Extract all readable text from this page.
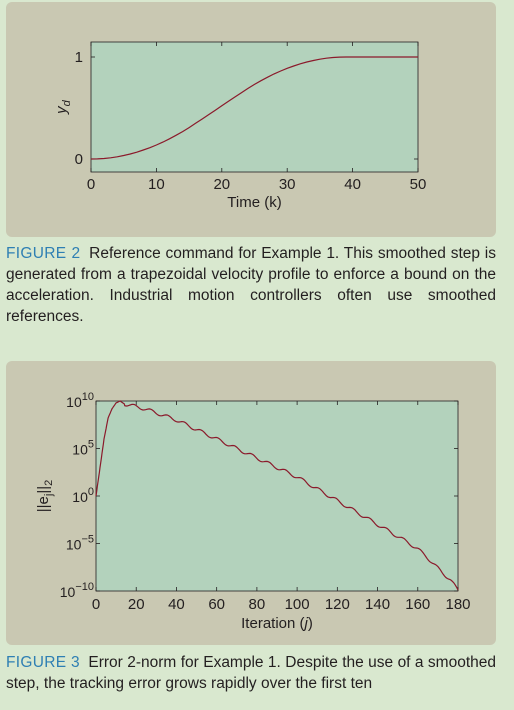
0	10	20	30	40	50
0
1
Time (k)
$y_d$
FIGURE 2 Reference command for Example 1. This smoothed step is generated from a trapezoidal velocity profile to enforce a bound on the acceleration. Industrial motion controllers often use smoothed references.
0 20 40 60 80 100 120 140 160 180
$10^{10}$
$10^5$
$10^0$
$10^{-5}$
$10^{-10}$
Iteration (j)
$||e_j||_2$
FIGURE 3 Error 2-norm for Example 1. Despite the use of a smoothed step, the tracking error grows rapidly over the first ten
